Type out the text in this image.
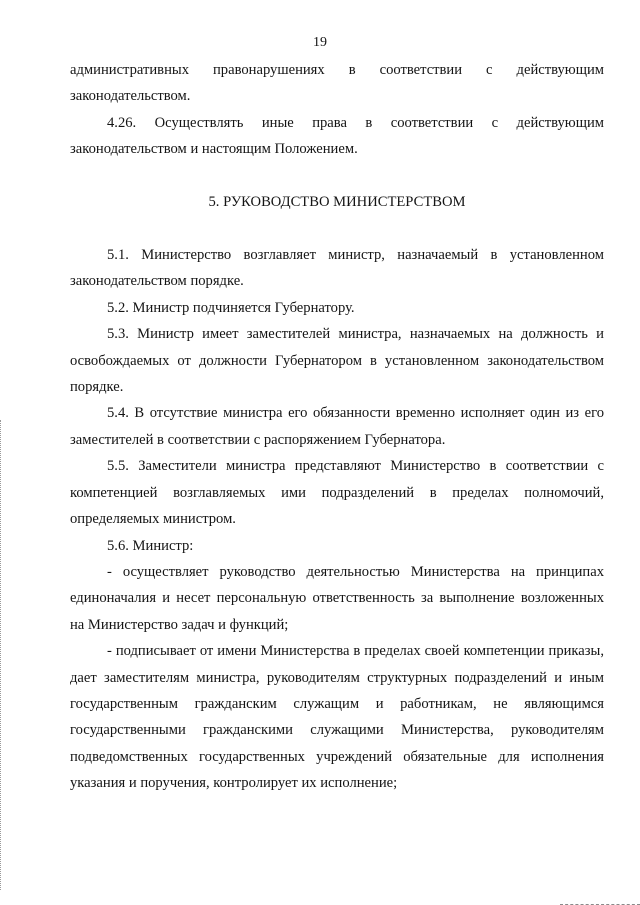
19

административных правонарушениях в соответствии с действующим законодательством.

4.26. Осуществлять иные права в соответствии с действующим законодательством и настоящим Положением.

5. РУКОВОДСТВО МИНИСТЕРСТВОМ

5.1. Министерство возглавляет министр, назначаемый в установленном законодательством порядке.

5.2. Министр подчиняется Губернатору.

5.3. Министр имеет заместителей министра, назначаемых на должность и освобождаемых от должности Губернатором в установленном законодательством порядке.

5.4. В отсутствие министра его обязанности временно исполняет один из его заместителей в соответствии с распоряжением Губернатора.

5.5. Заместители министра представляют Министерство в соответствии с компетенцией возглавляемых ими подразделений в пределах полномочий, определяемых министром.

5.6. Министр:

- осуществляет руководство деятельностью Министерства на принципах единоначалия и несет персональную ответственность за выполнение возложенных на Министерство задач и функций;

- подписывает от имени Министерства в пределах своей компетенции приказы, дает заместителям министра, руководителям структурных подразделений и иным государственным гражданским служащим и работникам, не являющимся государственными гражданскими служащими Министерства, руководителям подведомственных государственных учреждений обязательные для исполнения указания и поручения, контролирует их исполнение;
